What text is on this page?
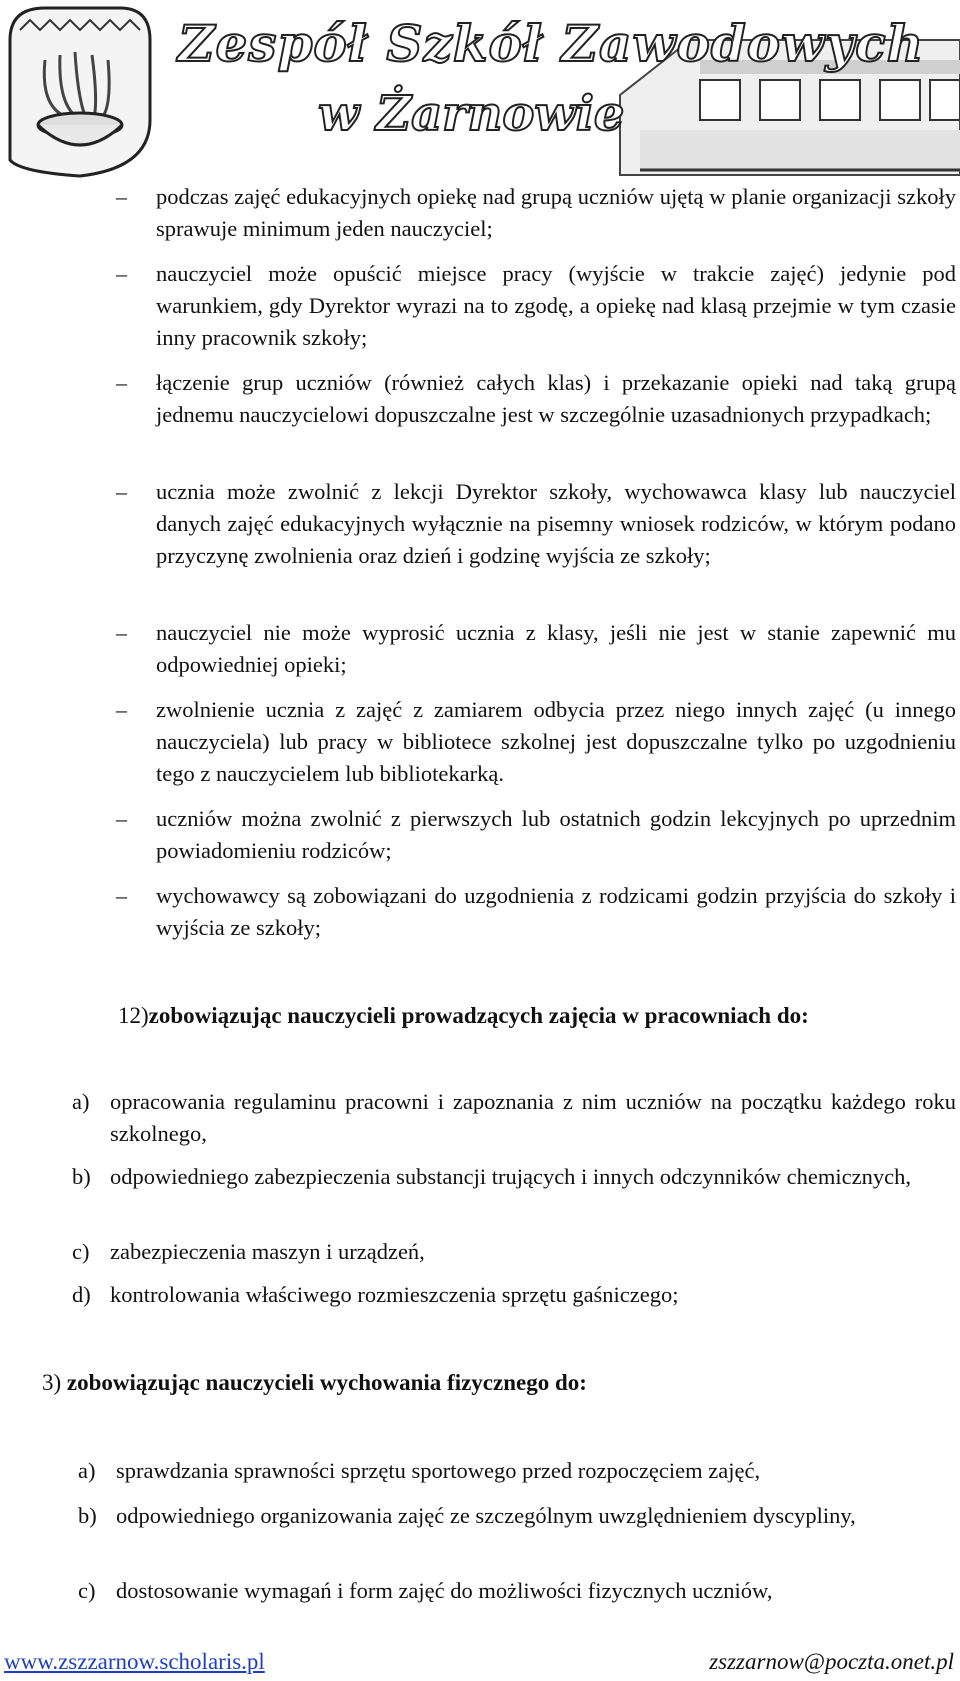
Zespół Szkół Zawodowych
w Żarnowie
– podczas zajęć edukacyjnych opiekę nad grupą uczniów ujętą w planie organizacji szkoły sprawuje minimum jeden nauczyciel;
– nauczyciel może opuścić miejsce pracy (wyjście w trakcie zajęć) jedynie pod warunkiem, gdy Dyrektor wyrazi na to zgodę, a opiekę nad klasą przejmie w tym czasie inny pracownik szkoły;
– łączenie grup uczniów (również całych klas) i przekazanie opieki nad taką grupą jednemu nauczycielowi dopuszczalne jest w szczególnie uzasadnionych przypadkach;
– ucznia może zwolnić z lekcji Dyrektor szkoły, wychowawca klasy lub nauczyciel danych zajęć edukacyjnych wyłącznie na pisemny wniosek rodziców, w którym podano przyczynę zwolnienia oraz dzień i godzinę wyjścia ze szkoły;
– nauczyciel nie może wyprosić ucznia z klasy, jeśli nie jest w stanie zapewnić mu odpowiedniej opieki;
– zwolnienie ucznia z zajęć z zamiarem odbycia przez niego innych zajęć (u innego nauczyciela) lub pracy w bibliotece szkolnej jest dopuszczalne tylko po uzgodnieniu tego z nauczycielem lub bibliotekarką.
– uczniów można zwolnić z pierwszych lub ostatnich godzin lekcyjnych po uprzednim powiadomieniu rodziców;
– wychowawcy są zobowiązani do uzgodnienia z rodzicami godzin przyjścia do szkoły i wyjścia ze szkoły;
12)zobowiązując nauczycieli prowadzących zajęcia w pracowniach do:
a) opracowania regulaminu pracowni i zapoznania z nim uczniów na początku każdego roku szkolnego,
b) odpowiedniego zabezpieczenia substancji trujących i innych odczynników chemicznych,
c) zabezpieczenia maszyn i urządzeń,
d) kontrolowania właściwego rozmieszczenia sprzętu gaśniczego;
3) zobowiązując nauczycieli wychowania fizycznego do:
a) sprawdzania sprawności sprzętu sportowego przed rozpoczęciem zajęć,
b) odpowiedniego organizowania zajęć ze szczególnym uwzględnieniem dyscypliny,
c) dostosowanie wymagań i form zajęć do możliwości fizycznych uczniów,
www.zszzarnow.scholaris.pl	zszzarnow@poczta.onet.pl
